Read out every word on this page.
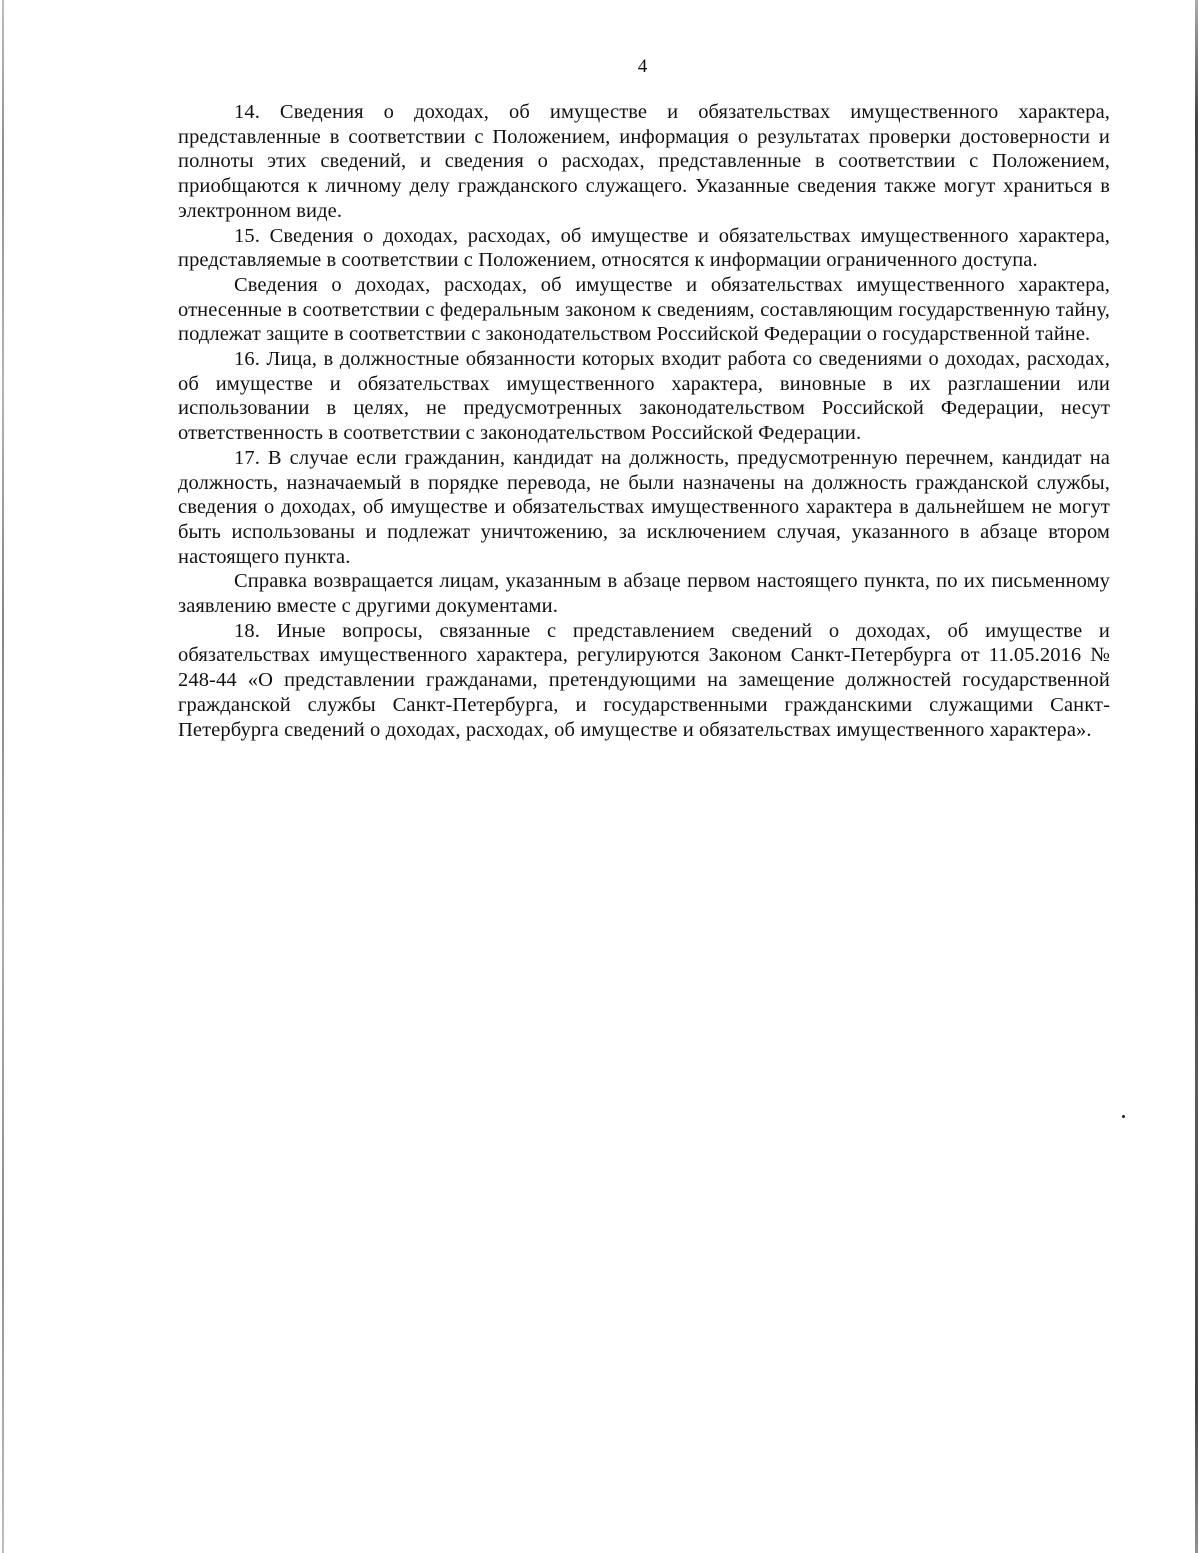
4

14. Сведения о доходах, об имуществе и обязательствах имущественного характера, представленные в соответствии с Положением, информация о результатах проверки достоверности и полноты этих сведений, и сведения о расходах, представленные в соответствии с Положением, приобщаются к личному делу гражданского служащего. Указанные сведения также могут храниться в электронном виде.

15. Сведения о доходах, расходах, об имуществе и обязательствах имущественного характера, представляемые в соответствии с Положением, относятся к информации ограниченного доступа.

Сведения о доходах, расходах, об имуществе и обязательствах имущественного характера, отнесенные в соответствии с федеральным законом к сведениям, составляющим государственную тайну, подлежат защите в соответствии с законодательством Российской Федерации о государственной тайне.

16. Лица, в должностные обязанности которых входит работа со сведениями о доходах, расходах, об имуществе и обязательствах имущественного характера, виновные в их разглашении или использовании в целях, не предусмотренных законодательством Российской Федерации, несут ответственность в соответствии с законодательством Российской Федерации.

17. В случае если гражданин, кандидат на должность, предусмотренную перечнем, кандидат на должность, назначаемый в порядке перевода, не были назначены на должность гражданской службы, сведения о доходах, об имуществе и обязательствах имущественного характера в дальнейшем не могут быть использованы и подлежат уничтожению, за исключением случая, указанного в абзаце втором настоящего пункта.

Справка возвращается лицам, указанным в абзаце первом настоящего пункта, по их письменному заявлению вместе с другими документами.

18. Иные вопросы, связанные с представлением сведений о доходах, об имуществе и обязательствах имущественного характера, регулируются Законом Санкт-Петербурга от 11.05.2016 № 248-44 «О представлении гражданами, претендующими на замещение должностей государственной гражданской службы Санкт-Петербурга, и государственными гражданскими служащими Санкт-Петербурга сведений о доходах, расходах, об имуществе и обязательствах имущественного характера».
